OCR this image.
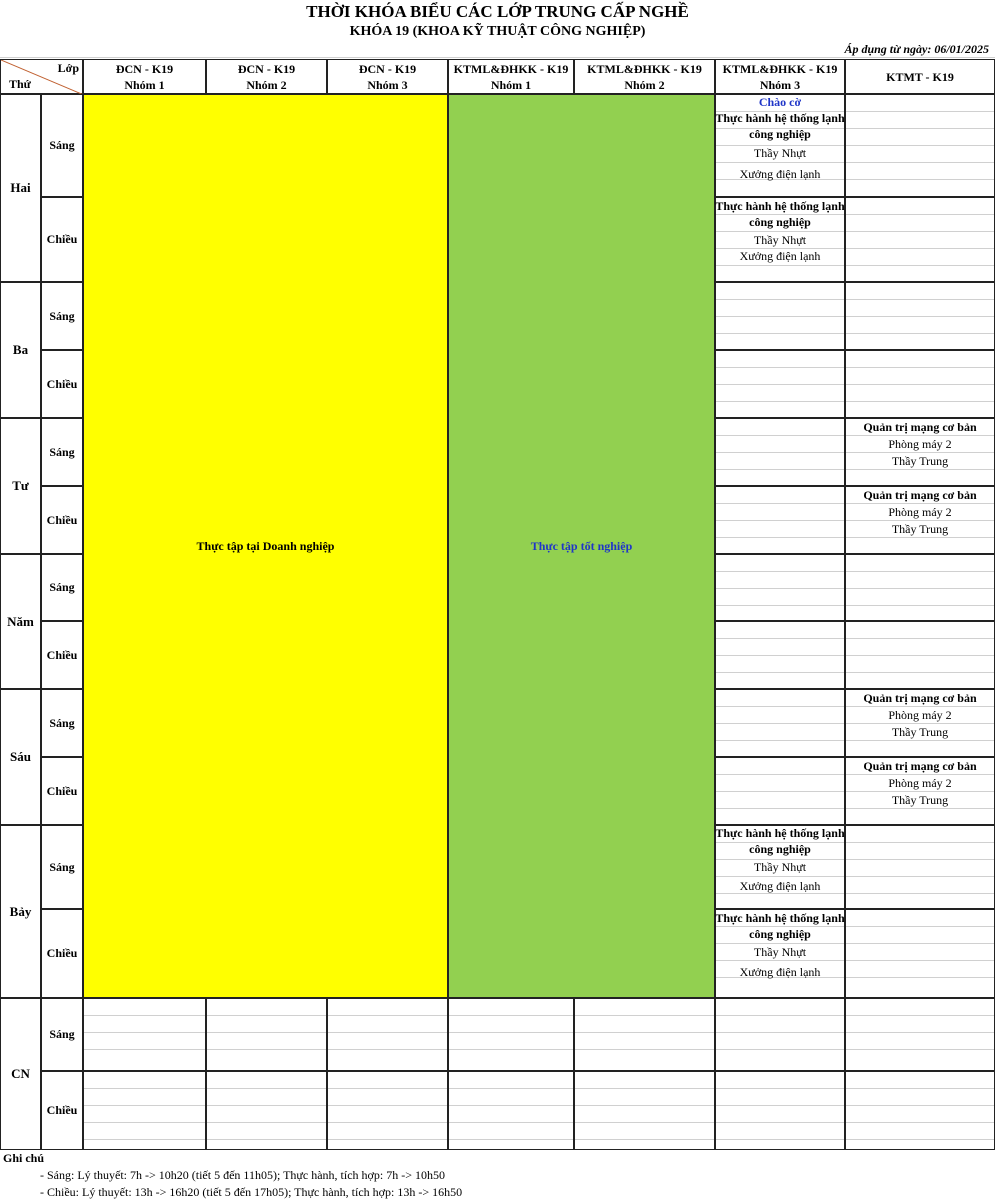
THỜI KHÓA BIỂU CÁC LỚP TRUNG CẤP NGHỀ
KHÓA 19 (KHOA KỸ THUẬT CÔNG NGHIỆP)
Áp dụng từ ngày: 06/01/2025
Lớp
Thứ
ĐCN - K19
Nhóm 1
ĐCN - K19
Nhóm 2
ĐCN - K19
Nhóm 3
KTML&ĐHKK - K19
Nhóm 1
KTML&ĐHKK - K19
Nhóm 2
KTML&ĐHKK - K19
Nhóm 3
KTMT - K19
Hai
Ba
Tư
Năm
Sáu
Bảy
CN
Sáng
Chiều
Sáng
Chiều
Sáng
Chiều
Sáng
Chiều
Sáng
Chiều
Sáng
Chiều
Sáng
Chiều
Thực tập tại Doanh nghiệp	Thực tập tốt nghiệp
Chào cờ
Thực hành hệ thống lạnh công nghiệp
Thầy Nhựt
Xưởng điện lạnh
Thực hành hệ thống lạnh công nghiệp
Thầy Nhựt
Xưởng điện lạnh
Thực hành hệ thống lạnh công nghiệp
Thầy Nhựt
Xưởng điện lạnh
Thực hành hệ thống lạnh công nghiệp
Thầy Nhựt
Xưởng điện lạnh
Quản trị mạng cơ bản
Phòng máy 2
Thầy Trung
Quản trị mạng cơ bản
Phòng máy 2
Thầy Trung
Quản trị mạng cơ bản
Phòng máy 2
Thầy Trung
Quản trị mạng cơ bản
Phòng máy 2
Thầy Trung
Ghi chú
- Sáng: Lý thuyết: 7h -> 10h20 (tiết 5 đến 11h05); Thực hành, tích hợp: 7h -> 10h50
- Chiều: Lý thuyết: 13h -> 16h20 (tiết 5 đến 17h05); Thực hành, tích hợp: 13h -> 16h50
